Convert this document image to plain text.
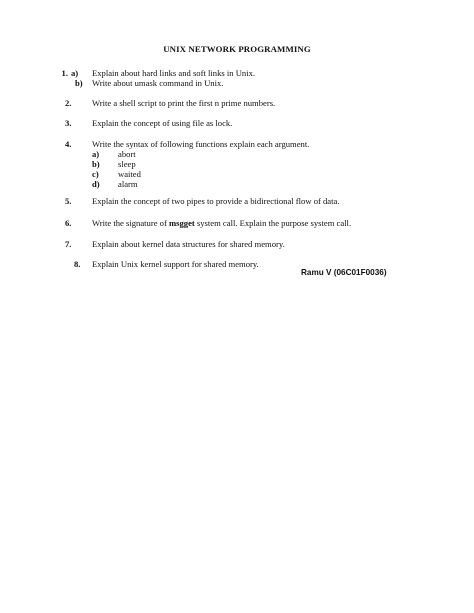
UNIX NETWORK PROGRAMMING
1. a) Explain about hard links and soft links in Unix.
b) Write about umask command in Unix.
2.	Write a shell script to print the first n prime numbers.
3. Explain the concept of using file as lock.
4. Write the syntax of following functions explain each argument.
a) abort
b) sleep
c) waited
d) alarm
5. Explain the concept of two pipes to provide a bidirectional flow of data.
6. Write the signature of msgget system call. Explain the purpose system call.
7. Explain about kernel data structures for shared memory.
8. Explain Unix kernel support for shared memory.
Ramu V (06C01F0036)
